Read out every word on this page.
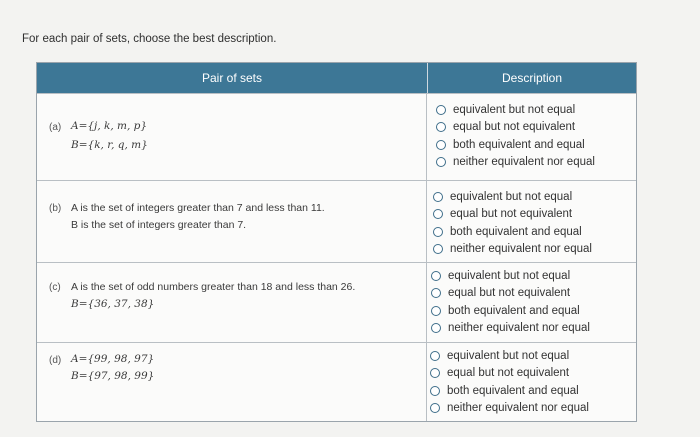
For each pair of sets, choose the best description.
Pair of sets	Description
(a) A={j, k, m, p}
B={k, r, q, m}
equivalent but not equal
equal but not equivalent
both equivalent and equal
neither equivalent nor equal
(b) A is the set of integers greater than 7 and less than 11.
B is the set of integers greater than 7.
equivalent but not equal
equal but not equivalent
both equivalent and equal
neither equivalent nor equal
(c) A is the set of odd numbers greater than 18 and less than 26.
B={36, 37, 38}
equivalent but not equal
equal but not equivalent
both equivalent and equal
neither equivalent nor equal
(d) A={99, 98, 97}
B={97, 98, 99}
equivalent but not equal
equal but not equivalent
both equivalent and equal
neither equivalent nor equal
